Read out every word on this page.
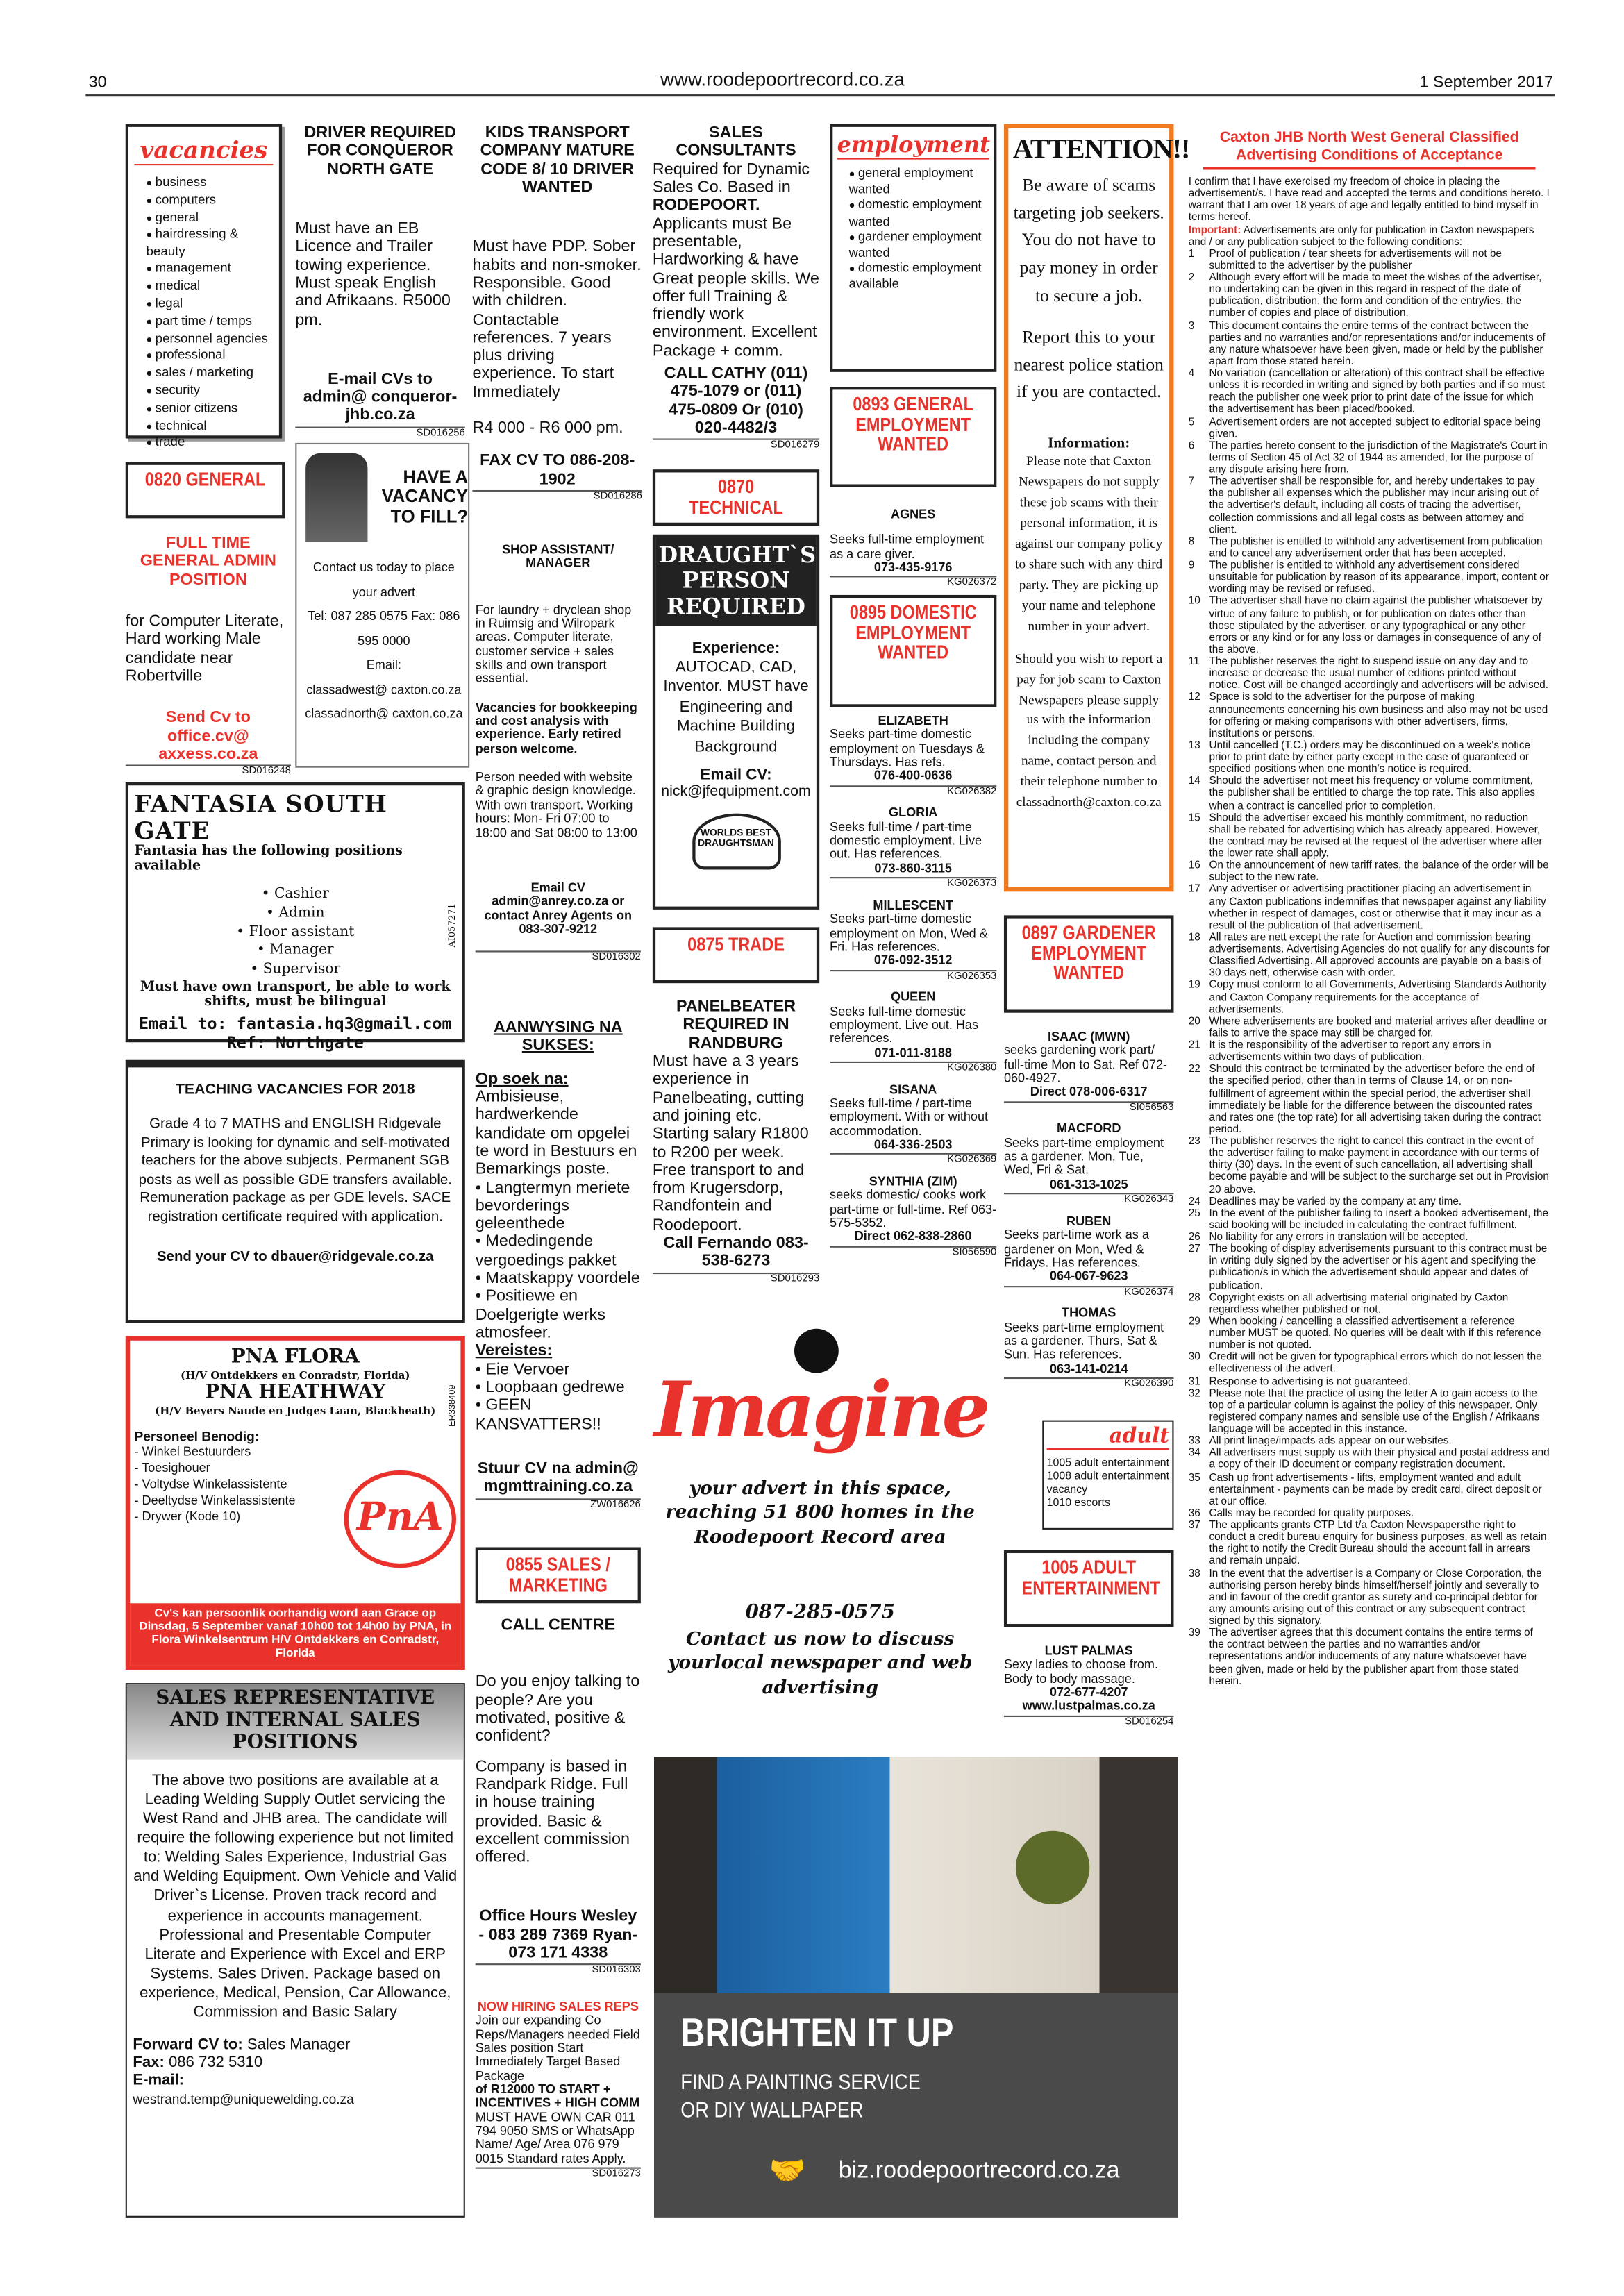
30	www.roodepoortrecord.co.za	1 September 2017
vacancies
● business
● computers
● general
● hairdressing & beauty
● management
● medical
● legal
● part time / temps
● personnel agencies
● professional
● sales / marketing
● security
● senior citizens
● technical
● trade
DRIVER REQUIRED FOR CONQUEROR NORTH GATE
Must have an EB Licence and Trailer towing experience. Must speak English and Afrikaans. R5000 pm.
E-mail CVs to admin@ conqueror-jhb.co.za
SD016256
0820 GENERAL
FULL TIME GENERAL ADMIN POSITION
for Computer Literate, Hard working Male candidate near Robertville
Send Cv to office.cv@ axxess.co.za
SD016248
HAVE A VACANCY TO FILL?
Contact us today to place your advert
Tel: 087 285 0575 Fax: 086 595 0000
Email:
classadwest@ caxton.co.za
classadnorth@ caxton.co.za
FANTASIA SOUTH GATE
Fantasia has the following positions available
• Cashier
• Admin
• Floor assistant
• Manager
• Supervisor
Must have own transport, be able to work shifts, must be bilingual
Email to: fantasia.hq3@gmail.com
Ref: Northgate
AI057271
TEACHING VACANCIES FOR 2018
Grade 4 to 7 MATHS and ENGLISH Ridgevale Primary is looking for dynamic and self-motivated teachers for the above subjects. Permanent SGB posts as well as possible GDE transfers available. Remuneration package as per GDE levels. SACE registration certificate required with application.
Send your CV to dbauer@ridgevale.co.za
PNA FLORA
(H/V Ontdekkers en Conradstr, Florida)
PNA HEATHWAY
(H/V Beyers Naude en Judges Laan, Blackheath)
Personeel Benodig:
- Winkel Bestuurders
- Toesighouer
- Voltydse Winkelassistente
- Deeltydse Winkelassistente
- Drywer (Kode 10)	PnA
ER338409
Cv's kan persoonlik oorhandig word aan Grace op Dinsdag, 5 September vanaf 10h00 tot 14h00 by PNA, in Flora Winkelsentrum H/V Ontdekkers en Conradstr, Florida
SALES REPRESENTATIVE AND INTERNAL SALES POSITIONS
The above two positions are available at a Leading Welding Supply Outlet servicing the West Rand and JHB area. The candidate will require the following experience but not limited to: Welding Sales Experience, Industrial Gas and Welding Equipment. Own Vehicle and Valid Driver`s License. Proven track record and experience in accounts management. Professional and Presentable Computer Literate and Experience with Excel and ERP Systems. Sales Driven. Package based on experience, Medical, Pension, Car Allowance, Commission and Basic Salary
Forward CV to: Sales Manager
Fax: 086 732 5310
E-mail:
westrand.temp@uniquewelding.co.za
KIDS TRANSPORT COMPANY MATURE CODE 8/ 10 DRIVER WANTED
Must have PDP. Sober habits and non-smoker. Responsible. Good with children. Contactable references. 7 years plus driving experience. To start Immediately
R4 000 - R6 000 pm.
FAX CV TO 086-208-1902
SD016286
SHOP ASSISTANT/ MANAGER
For laundry + dryclean shop in Ruimsig and Wilropark areas. Computer literate, customer service + sales skills and own transport essential.
Vacancies for bookkeeping and cost analysis with experience. Early retired person welcome.
Person needed with website & graphic design knowledge. With own transport. Working hours: Mon- Fri 07:00 to 18:00 and Sat 08:00 to 13:00
Email CV admin@anrey.co.za or contact Anrey Agents on 083-307-9212
SD016302
AANWYSING NA SUKSES:
Op soek na:
Ambisieuse, hardwerkende kandidate om opgelei te word in Bestuurs en Bemarkings poste.
• Langtermyn meriete bevorderings geleenthede
• Mededingende vergoedings pakket
• Maatskappy voordele
• Positiewe en Doelgerigte werks atmosfeer.
Vereistes:
• Eie Vervoer
• Loopbaan gedrewe
• GEEN KANSVATTERS!!
Stuur CV na admin@ mgmttraining.co.za
ZW016626
0855 SALES / MARKETING
CALL CENTRE
Do you enjoy talking to people? Are you motivated, positive & confident?
Company is based in Randpark Ridge. Full in house training provided. Basic & excellent commission offered.
Office Hours Wesley - 083 289 7369 Ryan- 073 171 4338
SD016303
NOW HIRING SALES REPS
Join our expanding Co Reps/Managers needed Field Sales position Start Immediately Target Based Package
of R12000 TO START + INCENTIVES + HIGH COMM
MUST HAVE OWN CAR 011 794 9050 SMS or WhatsApp Name/ Age/ Area 076 979 0015 Standard rates Apply.
SD016273
SALES CONSULTANTS
Required for Dynamic Sales Co. Based in RODEPOORT. Applicants must Be presentable, Hardworking & have Great people skills. We offer full Training & friendly work environment. Excellent Package + comm.
CALL CATHY (011) 475-1079 or (011) 475-0809 Or (010) 020-4482/3
SD016279
0870 TECHNICAL
DRAUGHT`S PERSON REQUIRED
Experience:
AUTOCAD, CAD, Inventor. MUST have Engineering and Machine Building Background
Email CV:
nick@jfequipment.com
WORLDS BEST DRAUGHTSMAN
0875 TRADE
PANELBEATER REQUIRED IN RANDBURG
Must have a 3 years experience in Panelbeating, cutting and joining etc. Starting salary R1800 to R200 per week. Free transport to and from Krugersdorp, Randfontein and Roodepoort.
Call Fernando 083-538-6273
SD016293
employment
● general employment wanted
● domestic employment wanted
● gardener employment wanted
● domestic employment available
0893 GENERAL EMPLOYMENT WANTED
AGNES
Seeks full-time employment as a care giver.
073-435-9176
KG026372
0895 DOMESTIC EMPLOYMENT WANTED
ELIZABETH
Seeks part-time domestic employment on Tuesdays & Thursdays. Has refs.
076-400-0636
KG026382
GLORIA
Seeks full-time / part-time domestic employment. Live out. Has references.
073-860-3115
KG026373
MILLESCENT
Seeks part-time domestic employment on Mon, Wed & Fri. Has references.
076-092-3512
KG026353
QUEEN
Seeks full-time domestic employment. Live out. Has references.
071-011-8188
KG026380
SISANA
Seeks full-time / part-time employment. With or without accommodation.
064-336-2503
KG026369
SYNTHIA (ZIM)
seeks domestic/ cooks work part-time or full-time. Ref 063-575-5352.
Direct 062-838-2860
SI056590
ATTENTION!!
Be aware of scams targeting job seekers. You do not have to pay money in order to secure a job.
Report this to your nearest police station if you are contacted.
Information:
Please note that Caxton Newspapers do not supply these job scams with their personal information, it is against our company policy to share such with any third party. They are picking up your name and telephone number in your advert.
Should you wish to report a pay for job scam to Caxton Newspapers please supply us with the information including the company name, contact person and their telephone number to classadnorth@caxton.co.za
0897 GARDENER EMPLOYMENT WANTED
ISAAC (MWN)
seeks gardening work part/ full-time Mon to Sat. Ref 072-060-4927.
Direct 078-006-6317
SI056563
MACFORD
Seeks part-time employment as a gardener. Mon, Tue, Wed, Fri & Sat.
061-313-1025
KG026343
RUBEN
Seeks part-time work as a gardener on Mon, Wed & Fridays. Has references.
064-067-9623
KG026374
THOMAS
Seeks part-time employment as a gardener. Thurs, Sat & Sun. Has references.
063-141-0214
KG026390
adult
1005 adult entertainment
1008 adult entertainment vacancy
1010 escorts
1005 ADULT ENTERTAINMENT
LUST PALMAS
Sexy ladies to choose from. Body to body massage.
072-677-4207
www.lustpalmas.co.za
SD016254
Imagine
your advert in this space, reaching 51 800 homes in the Roodepoort Record area
087-285-0575
Contact us now to discuss yourlocal newspaper and web advertising
BRIGHTEN IT UP
FIND A PAINTING SERVICE
OR DIY WALLPAPER
🤝	biz.roodepoortrecord.co.za
Caxton JHB North West General Classified Advertising Conditions of Acceptance
I confirm that I have exercised my freedom of choice in placing the advertisement/s. I have read and accepted the terms and conditions hereto. I warrant that I am over 18 years of age and legally entitled to bind myself in terms hereof.
Important: Advertisements are only for publication in Caxton newspapers and / or any publication subject to the following conditions:
Proof of publication / tear sheets for advertisements will not be submitted to the advertiser by the publisher
Although every effort will be made to meet the wishes of the advertiser, no undertaking can be given in this regard in respect of the date of publication, distribution, the form and condition of the entry/ies, the number of copies and place of distribution.
This document contains the entire terms of the contract between the parties and no warranties and/or representations and/or inducements of any nature whatsoever have been given, made or held by the publisher apart from those stated herein.
No variation (cancellation or alteration) of this contract shall be effective unless it is recorded in writing and signed by both parties and if so must reach the publisher one week prior to print date of the issue for which the advertisement has been placed/booked.
Advertisement orders are not accepted subject to editorial space being given.
The parties hereto consent to the jurisdiction of the Magistrate's Court in terms of Section 45 of Act 32 of 1944 as amended, for the purpose of any dispute arising here from.
The advertiser shall be responsible for, and hereby undertakes to pay the publisher all expenses which the publisher may incur arising out of the advertiser's default, including all costs of tracing the advertiser, collection commissions and all legal costs as between attorney and client.
The publisher is entitled to withhold any advertisement from publication and to cancel any advertisement order that has been accepted.
The publisher is entitled to withhold any advertisement considered unsuitable for publication by reason of its appearance, import, content or wording may be revised or refused.
The advertiser shall have no claim against the publisher whatsoever by virtue of any failure to publish, or for publication on dates other than those stipulated by the advertiser, or any typographical or any other errors or any kind or for any loss or damages in consequence of any of the above.
The publisher reserves the right to suspend issue on any day and to increase or decrease the usual number of editions printed without notice. Cost will be changed accordingly and advertisers will be advised.
Space is sold to the advertiser for the purpose of making announcements concerning his own business and also may not be used for offering or making comparisons with other advertisers, firms, institutions or persons.
Until cancelled (T.C.) orders may be discontinued on a week's notice prior to print date by either party except in the case of guaranteed or specified positions when one month's notice is required.
Should the advertiser not meet his frequency or volume commitment, the publisher shall be entitled to charge the top rate. This also applies when a contract is cancelled prior to completion.
Should the advertiser exceed his monthly commitment, no reduction shall be rebated for advertising which has already appeared. However, the contract may be revised at the request of the advertiser where after the lower rate shall apply.
On the announcement of new tariff rates, the balance of the order will be subject to the new rate.
Any advertiser or advertising practitioner placing an advertisement in any Caxton publications indemnifies that newspaper against any liability whether in respect of damages, cost or otherwise that it may incur as a result of the publication of that advertisement.
All rates are nett except the rate for Auction and commission bearing advertisements. Advertising Agencies do not qualify for any discounts for Classified Advertising. All approved accounts are payable on a basis of 30 days nett, otherwise cash with order.
Copy must conform to all Governments, Advertising Standards Authority and Caxton Company requirements for the acceptance of advertisements.
Where advertisements are booked and material arrives after deadline or fails to arrive the space may still be charged for.
It is the responsibility of the advertiser to report any errors in advertisements within two days of publication.
Should this contract be terminated by the advertiser before the end of the specified period, other than in terms of Clause 14, or on non-fulfillment of agreement within the special period, the advertiser shall immediately be liable for the difference between the discounted rates and rates one (the top rate) for all advertising taken during the contract period.
The publisher reserves the right to cancel this contract in the event of the advertiser failing to make payment in accordance with our terms of thirty (30) days. In the event of such cancellation, all advertising shall become payable and will be subject to the surcharge set out in Provision 20 above.
Deadlines may be varied by the company at any time.
In the event of the publisher failing to insert a booked advertisement, the said booking will be included in calculating the contract fulfillment.
No liability for any errors in translation will be accepted.
The booking of display advertisements pursuant to this contract must be in writing duly signed by the advertiser or his agent and specifying the publication/s in which the advertisement should appear and dates of publication.
Copyright exists on all advertising material originated by Caxton regardless whether published or not.
When booking / cancelling a classified advertisement a reference number MUST be quoted. No queries will be dealt with if this reference number is not quoted.
Credit will not be given for typographical errors which do not lessen the effectiveness of the advert.
Response to advertising is not guaranteed.
Please note that the practice of using the letter A to gain access to the top of a particular column is against the policy of this newspaper. Only registered company names and sensible use of the English / Afrikaans language will be accepted in this instance.
All print linage/impacts ads appear on our websites.
All advertisers must supply us with their physical and postal address and a copy of their ID document or company registration document.
Cash up front advertisements - lifts, employment wanted and adult entertainment - payments can be made by credit card, direct deposit or at our office.
Calls may be recorded for quality purposes.
The applicants grants CTP Ltd t/a Caxton Newspapersthe right to conduct a credit bureau enquiry for business purposes, as well as retain the right to notify the Credit Bureau should the account fall in arrears and remain unpaid.
In the event that the advertiser is a Company or Close Corporation, the authorising person hereby binds himself/herself jointly and severally to and in favour of the credit grantor as surety and co-principal debtor for any amounts arising out of this contract or any subsequent contract signed by this signatory.
The advertiser agrees that this document contains the entire terms of the contract between the parties and no warranties and/or representations and/or inducements of any nature whatsoever have been given, made or held by the publisher apart from those stated herein.
